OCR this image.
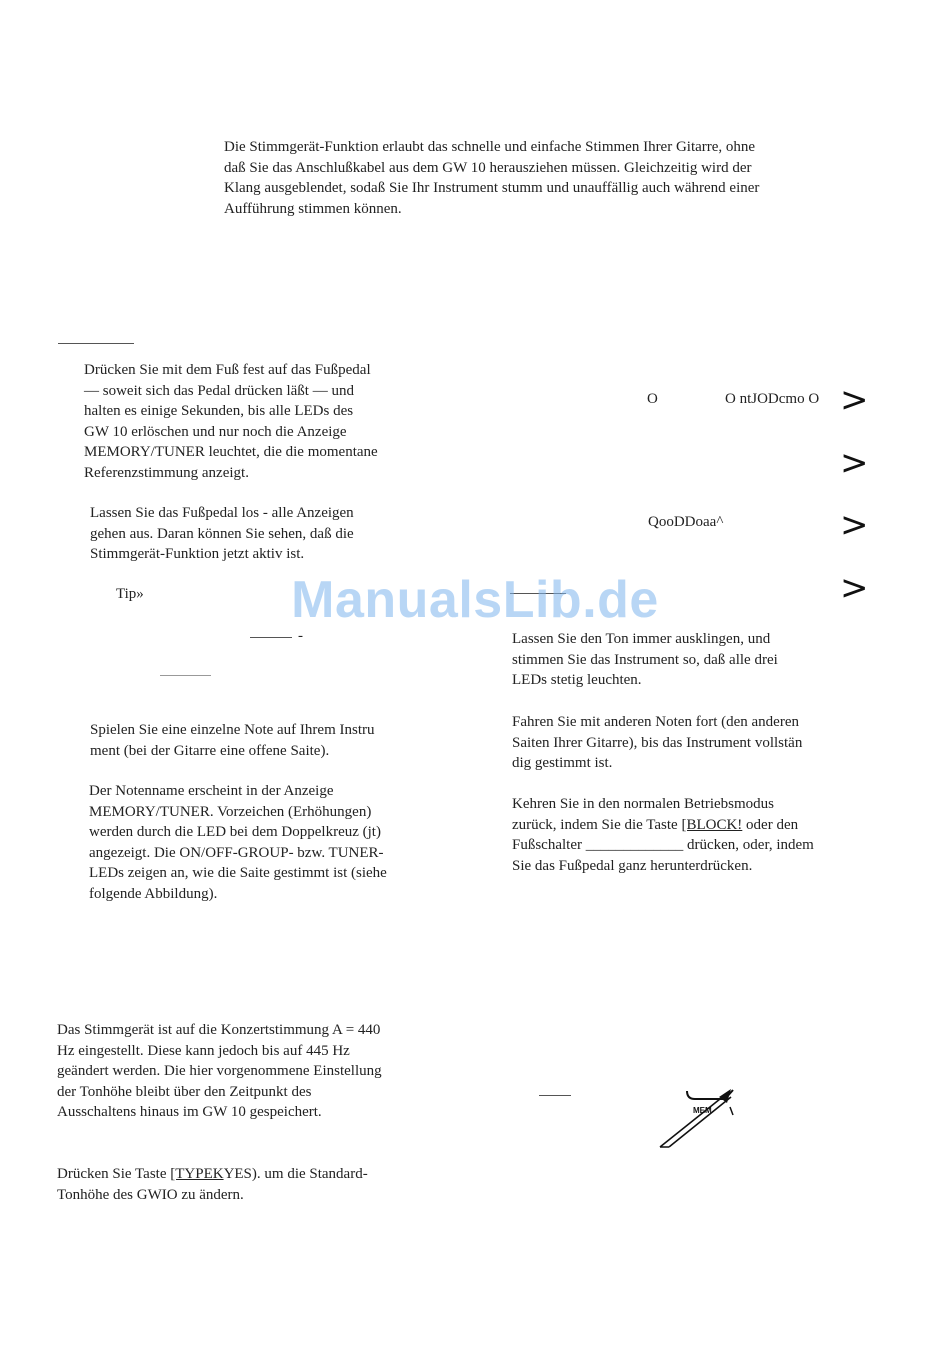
Die Stimmgerät-Funktion erlaubt das schnelle und einfache Stimmen Ihrer Gitarre, ohne
daß Sie das Anschlußkabel aus dem GW 10 herausziehen müssen. Gleichzeitig wird der
Klang ausgeblendet, sodaß Sie Ihr Instrument stumm und unauffällig auch während einer
Aufführung stimmen können.

Drücken Sie mit dem Fuß fest auf das Fußpedal
— soweit sich das Pedal drücken läßt — und
halten es einige Sekunden, bis alle LEDs des
GW 10 erlöschen und nur noch die Anzeige
MEMORY/TUNER leuchtet, die die momentane
Referenzstimmung anzeigt.

Lassen Sie das Fußpedal los - alle Anzeigen
gehen aus. Daran können Sie sehen, daß die
Stimmgerät-Funktion jetzt aktiv ist.

Tip»

-

Spielen Sie eine einzelne Note auf Ihrem Instru
ment (bei der Gitarre eine offene Saite).

Der Notenname erscheint in der Anzeige
MEMORY/TUNER. Vorzeichen (Erhöhungen)
werden durch die LED bei dem Doppelkreuz (jt)
angezeigt. Die ON/OFF-GROUP- bzw. TUNER-
LEDs zeigen an, wie die Saite gestimmt ist (siehe
folgende Abbildung).

Das Stimmgerät ist auf die Konzertstimmung A = 440
Hz eingestellt. Diese kann jedoch bis auf 445 Hz
geändert werden. Die hier vorgenommene Einstellung
der Tonhöhe bleibt über den Zeitpunkt des
Ausschaltens hinaus im GW 10 gespeichert.

Drücken Sie Taste [TYPEKYES). um die Standard-
Tonhöhe des GWIO zu ändern.

O	O ntJODcmo O
QooDDoaa^
>
>
>
>

Lassen Sie den Ton immer ausklingen, und
stimmen Sie das Instrument so, daß alle drei
LEDs stetig leuchten.

Fahren Sie mit anderen Noten fort (den anderen
Saiten Ihrer Gitarre), bis das Instrument vollstän
dig gestimmt ist.

Kehren Sie in den normalen Betriebsmodus
zurück, indem Sie die Taste [BLOCK! oder den
Fußschalter _____________ drücken, oder, indem
Sie das Fußpedal ganz herunterdrücken.

MEM
ManualsLib.de
